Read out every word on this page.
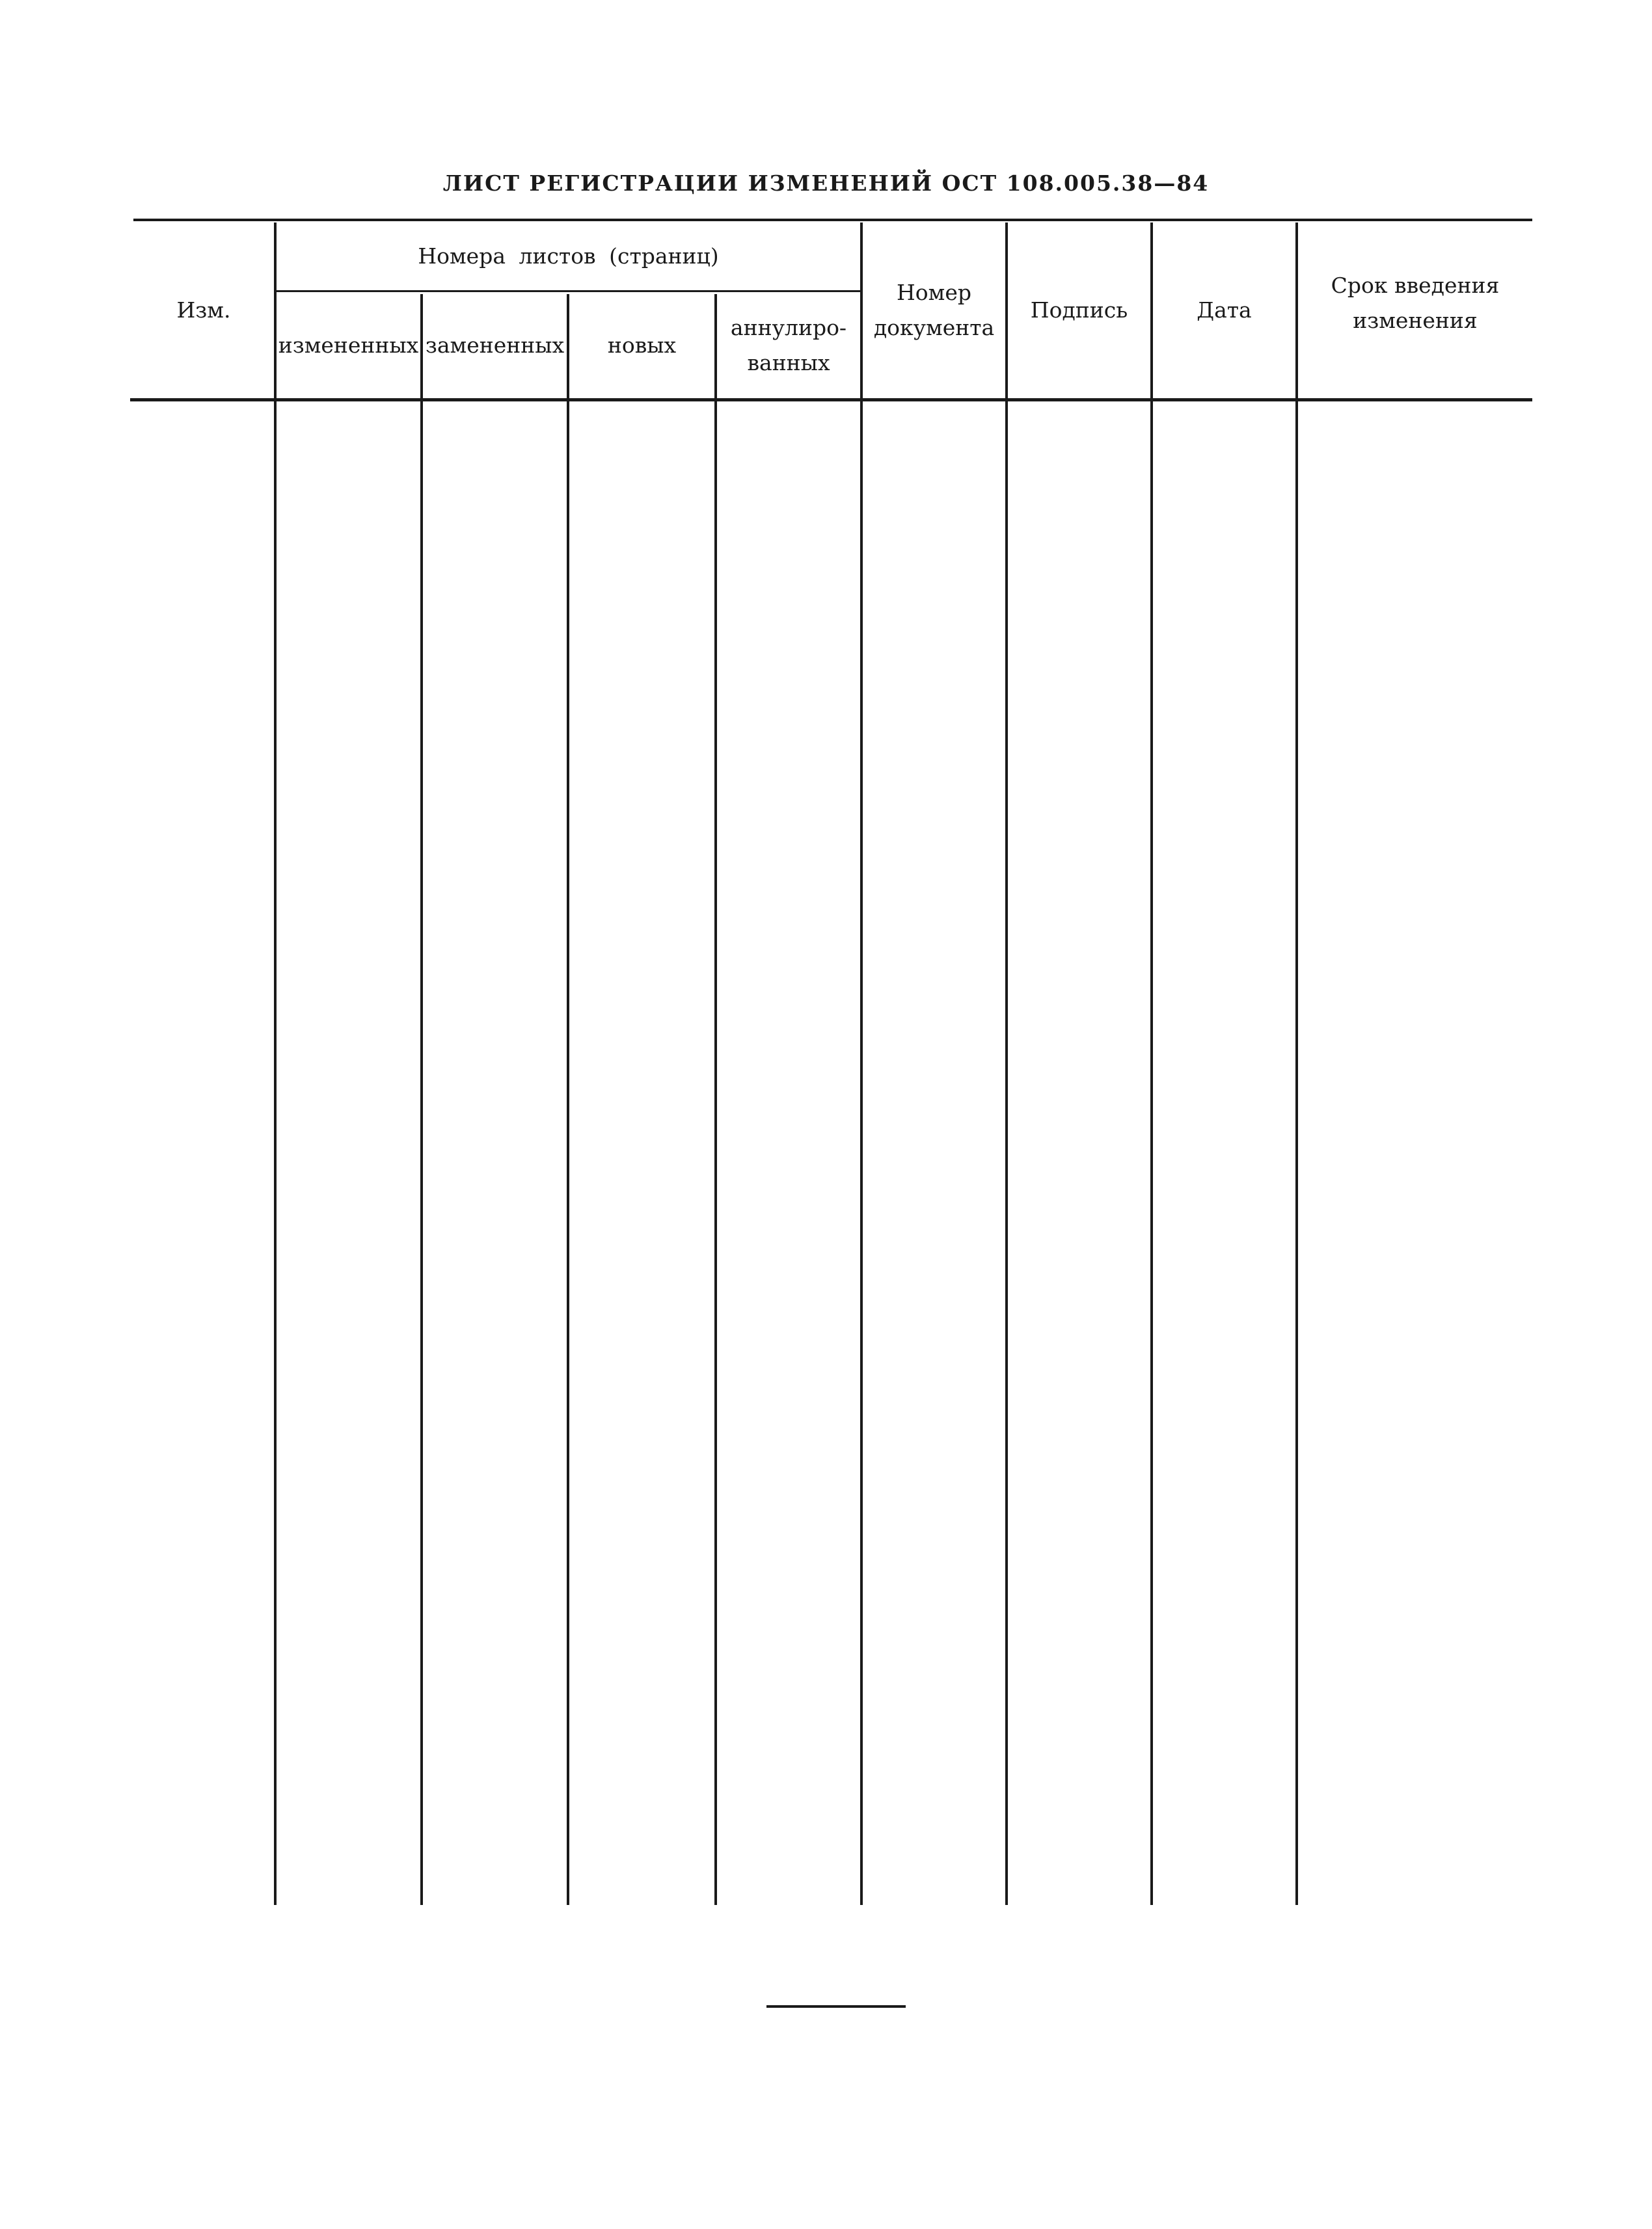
ЛИСТ РЕГИСТРАЦИИ ИЗМЕНЕНИЙ ОСТ 108.005.38—84
Изм.
Номера листов (страниц)
измененных замененных	новых
аннулиро-
ванных
Номер
документа
Подпись	Дата
Срок введения
изменения
